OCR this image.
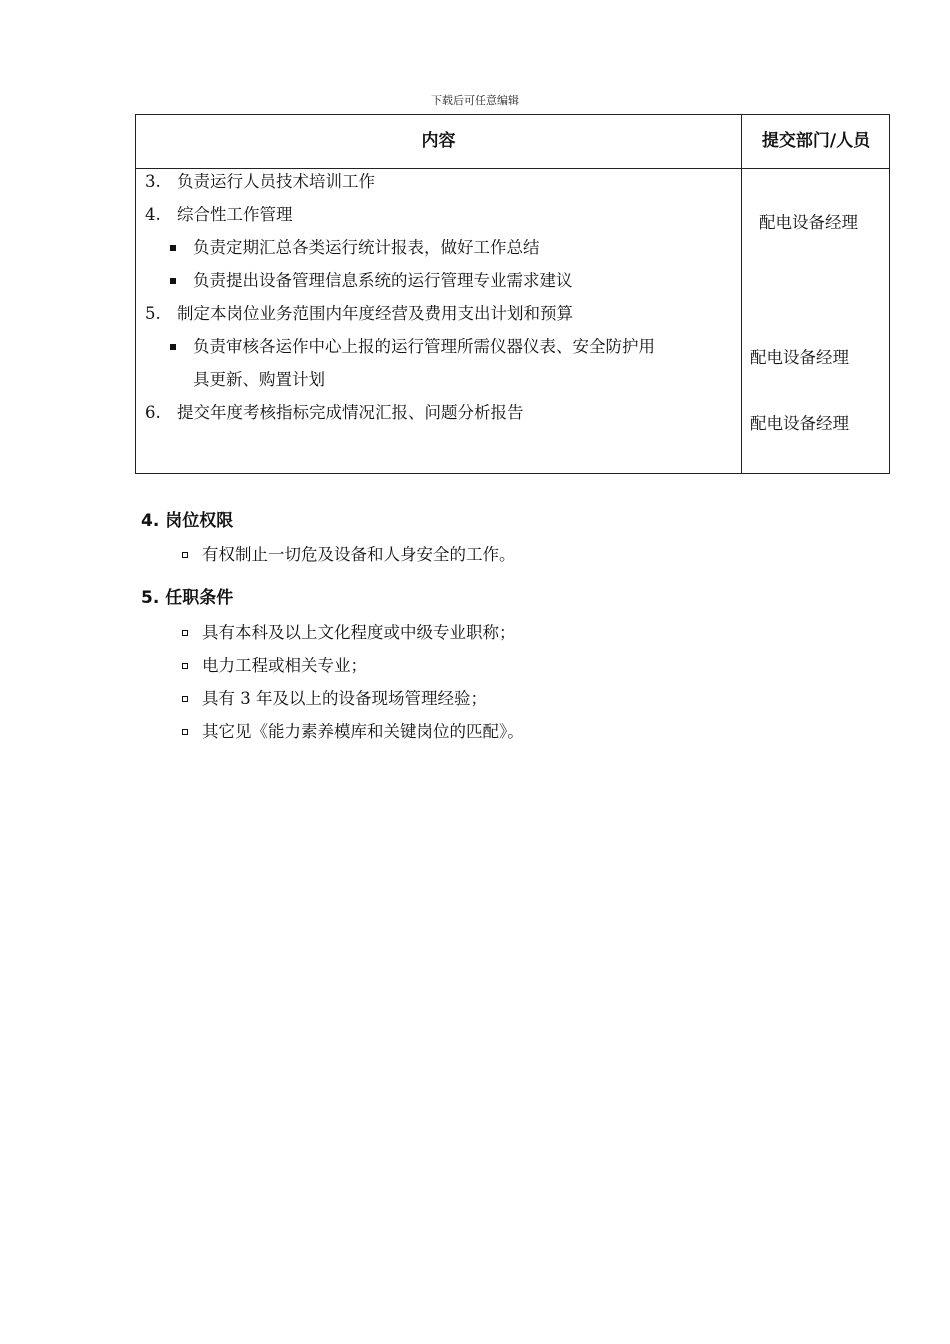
下载后可任意编辑
内容	提交部门/人员
3. 负责运行人员技术培训工作
4. 综合性工作管理
负责定期汇总各类运行统计报表，做好工作总结
负责提出设备管理信息系统的运行管理专业需求建议
5. 制定本岗位业务范围内年度经营及费用支出计划和预算
负责审核各运作中心上报的运行管理所需仪器仪表、安全防护用
具更新、购置计划
6. 提交年度考核指标完成情况汇报、问题分析报告
配电设备经理
配电设备经理
配电设备经理
4. 岗位权限
有权制止一切危及设备和人身安全的工作。
5. 任职条件
具有本科及以上文化程度或中级专业职称；
电力工程或相关专业；
具有 3 年及以上的设备现场管理经验；
其它见《能力素养模库和关键岗位的匹配》。
